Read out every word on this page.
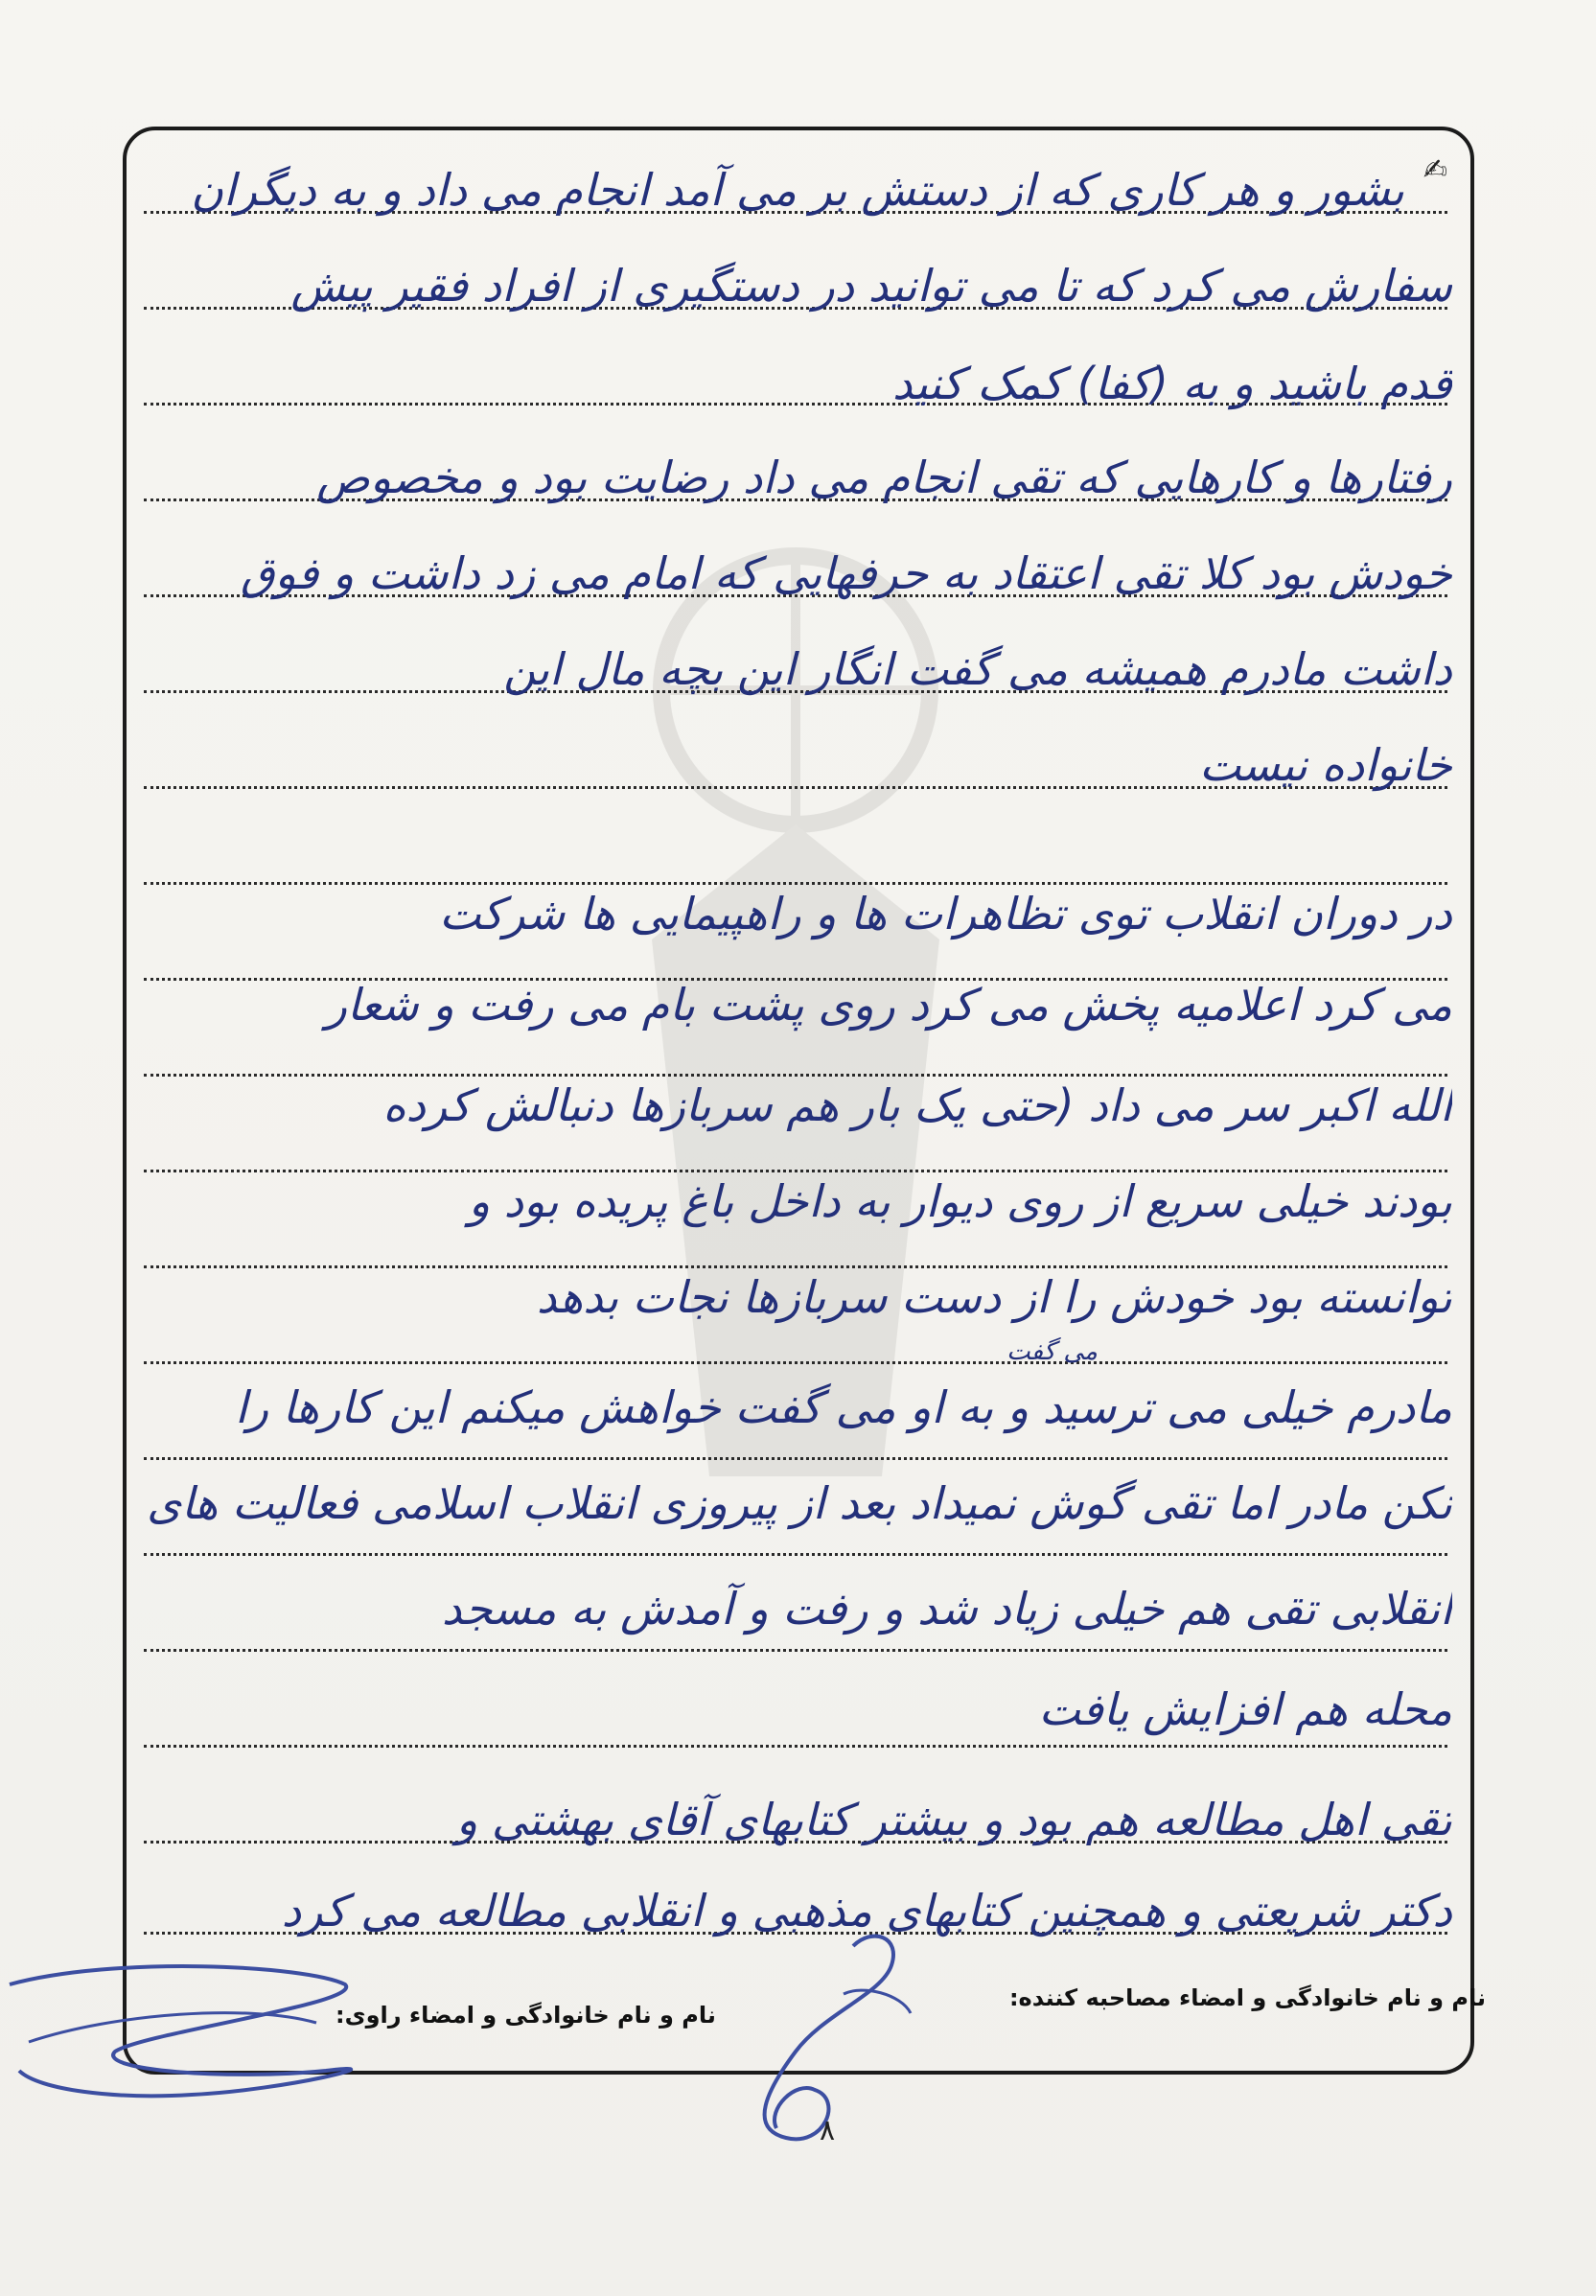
✍
بشور و هر کاری که از دستش بر می آمد انجام می داد و به دیگران
سفارش می کرد که تا می توانید در دستگیری از افراد فقیر پیش
قدم باشید و به (کفا) کمک کنید
رفتارها و کارهایی که تقی انجام می داد رضایت بود و مخصوص
خودش بود کلا تقی اعتقاد به حرفهایی که امام می زد داشت و فوق
داشت مادرم همیشه می گفت انگار این بچه مال این
خانواده نیست
در دوران انقلاب توی تظاهرات ها و راهپیمایی ها شرکت
می کرد اعلامیه پخش می کرد روی پشت بام می رفت و شعار
الله اکبر سر می داد (حتی یک بار هم سربازها دنبالش کرده
بودند خیلی سریع از روی دیوار به داخل باغ پریده بود و
توانسته بود خودش را از دست سربازها نجات بدهد
مادرم خیلی می ترسید و به او می گفت خواهش میکنم این کارها را
نکن مادر اما تقی گوش نمیداد بعد از پیروزی انقلاب اسلامی فعالیت های
انقلابی تقی هم خیلی زیاد شد و رفت و آمدش به مسجد
محله هم افزایش یافت
تقی اهل مطالعه هم بود و بیشتر کتابهای آقای بهشتی و
دکتر شریعتی و همچنین کتابهای مذهبی و انقلابی مطالعه می کرد
می گفت
نام و نام خانوادگی و امضاء مصاحبه کننده:
نام و نام خانوادگی و امضاء راوی:
۸
